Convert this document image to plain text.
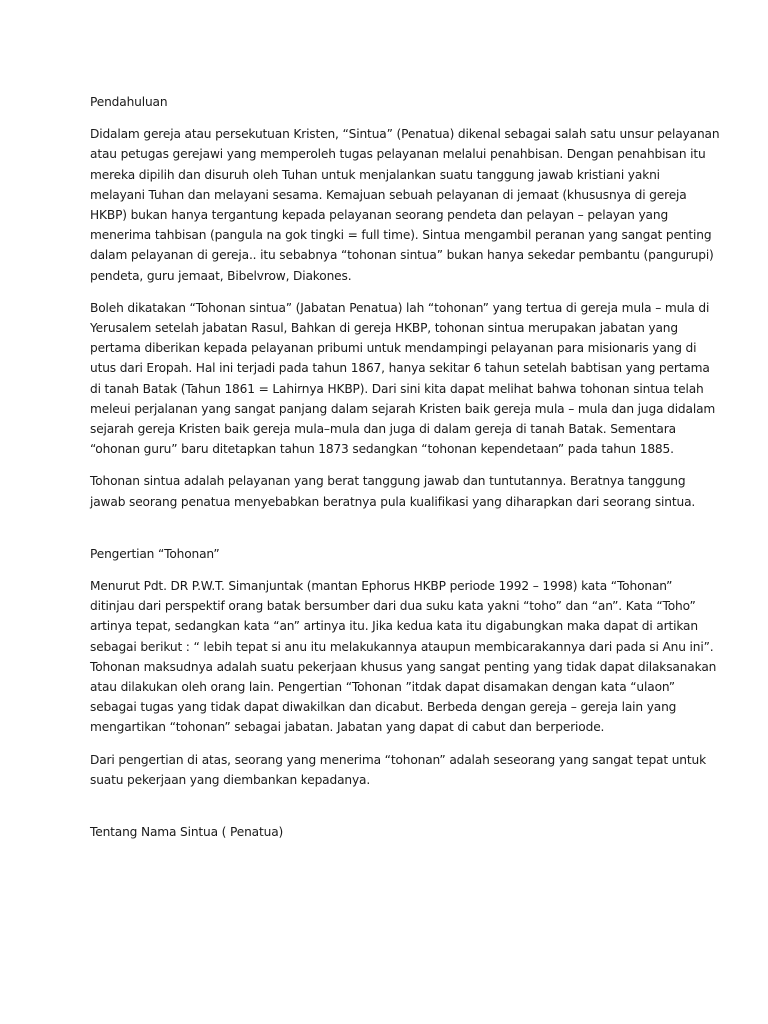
Pendahuluan

Didalam gereja atau persekutuan Kristen, “Sintua” (Penatua) dikenal sebagai salah satu unsur pelayanan
atau petugas gerejawi yang memperoleh tugas pelayanan melalui penahbisan. Dengan penahbisan itu
mereka dipilih dan disuruh oleh Tuhan untuk menjalankan suatu tanggung jawab kristiani yakni
melayani Tuhan dan melayani sesama. Kemajuan sebuah pelayanan di jemaat (khususnya di gereja
HKBP) bukan hanya tergantung kepada pelayanan seorang pendeta dan pelayan – pelayan yang
menerima tahbisan (pangula na gok tingki = full time). Sintua mengambil peranan yang sangat penting
dalam pelayanan di gereja.. itu sebabnya “tohonan sintua” bukan hanya sekedar pembantu (pangurupi)
pendeta, guru jemaat, Bibelvrow, Diakones.

Boleh dikatakan “Tohonan sintua” (Jabatan Penatua) lah “tohonan” yang tertua di gereja mula – mula di
Yerusalem setelah jabatan Rasul, Bahkan di gereja HKBP, tohonan sintua merupakan jabatan yang
pertama diberikan kepada pelayanan pribumi untuk mendampingi pelayanan para misionaris yang di
utus dari Eropah. Hal ini terjadi pada tahun 1867, hanya sekitar 6 tahun setelah babtisan yang pertama
di tanah Batak (Tahun 1861 = Lahirnya HKBP). Dari sini kita dapat melihat bahwa tohonan sintua telah
meleui perjalanan yang sangat panjang dalam sejarah Kristen baik gereja mula – mula dan juga didalam
sejarah gereja Kristen baik gereja mula–mula dan juga di dalam gereja di tanah Batak. Sementara
“ohonan guru” baru ditetapkan tahun 1873 sedangkan “tohonan kependetaan” pada tahun 1885.

Tohonan sintua adalah pelayanan yang berat tanggung jawab dan tuntutannya. Beratnya tanggung
jawab seorang penatua menyebabkan beratnya pula kualifikasi yang diharapkan dari seorang sintua.

Pengertian “Tohonan”

Menurut Pdt. DR P.W.T. Simanjuntak (mantan Ephorus HKBP periode 1992 – 1998) kata “Tohonan”
ditinjau dari perspektif orang batak bersumber dari dua suku kata yakni “toho” dan “an”. Kata “Toho”
artinya tepat, sedangkan kata “an” artinya itu. Jika kedua kata itu digabungkan maka dapat di artikan
sebagai berikut : “ lebih tepat si anu itu melakukannya ataupun membicarakannya dari pada si Anu ini”.
Tohonan maksudnya adalah suatu pekerjaan khusus yang sangat penting yang tidak dapat dilaksanakan
atau dilakukan oleh orang lain. Pengertian “Tohonan ”itdak dapat disamakan dengan kata “ulaon”
sebagai tugas yang tidak dapat diwakilkan dan dicabut. Berbeda dengan gereja – gereja lain yang
mengartikan “tohonan” sebagai jabatan. Jabatan yang dapat di cabut dan berperiode.

Dari pengertian di atas, seorang yang menerima “tohonan” adalah seseorang yang sangat tepat untuk
suatu pekerjaan yang diembankan kepadanya.

Tentang Nama Sintua ( Penatua)
